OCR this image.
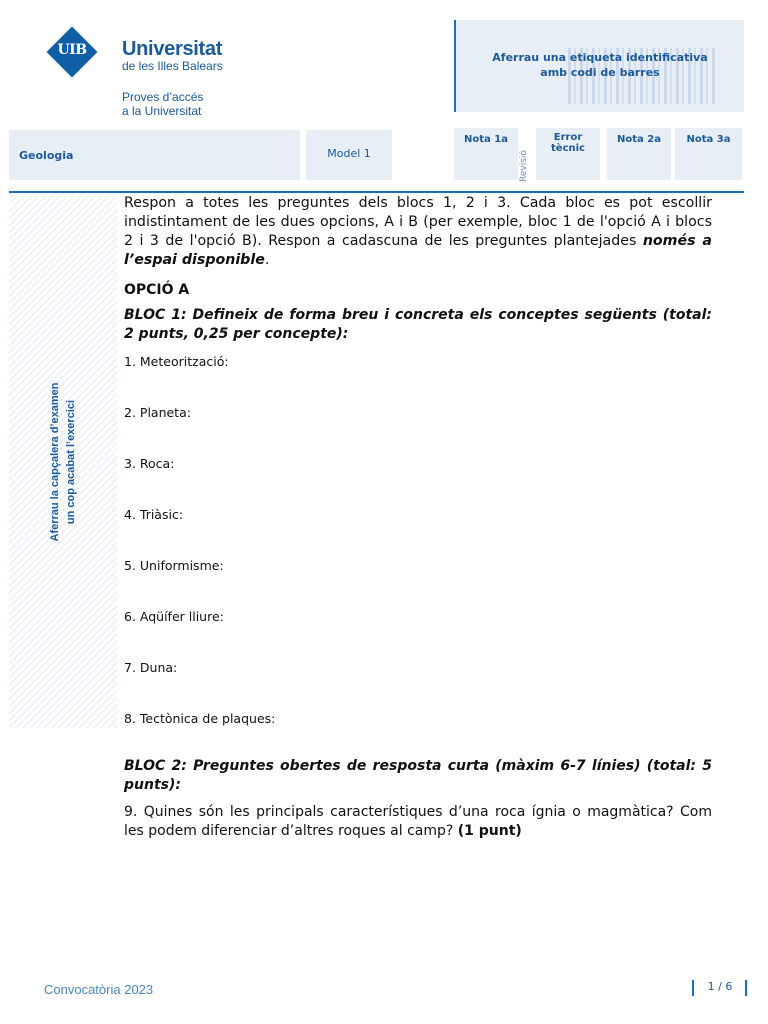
UIB	Universitat
de les Illes Balears
Proves d’accés
a la Universitat
Aferrau una etiqueta identificativa
amb codi de barres
Geologia	Model 1
Nota 1a
Revisió
Error tècnic
Nota 2a	Nota 3a
Aferrau la capçalera d’examen un cop acabat l’exercici

Respon a totes les preguntes dels blocs 1, 2 i 3. Cada bloc es pot escollir indistintament de les dues opcions, A i B (per exemple, bloc 1 de l'opció A i blocs 2 i 3 de l'opció B). Respon a cadascuna de les preguntes plantejades només a l’espai disponible.

OPCIÓ A

BLOC 1: Defineix de forma breu i concreta els conceptes següents (total: 2 punts, 0,25 per concepte):

1. Meteorització:
2. Planeta:
3. Roca:
4. Triàsic:
5. Uniformisme:
6. Aqüífer lliure:
7. Duna:
8. Tectònica de plaques:

BLOC 2: Preguntes obertes de resposta curta (màxim 6-7 línies) (total: 5 punts):

9. Quines són les principals característiques d’una roca ígnia o magmàtica? Com les podem diferenciar d’altres roques al camp? (1 punt)

Convocatòria 2023	1 / 6
